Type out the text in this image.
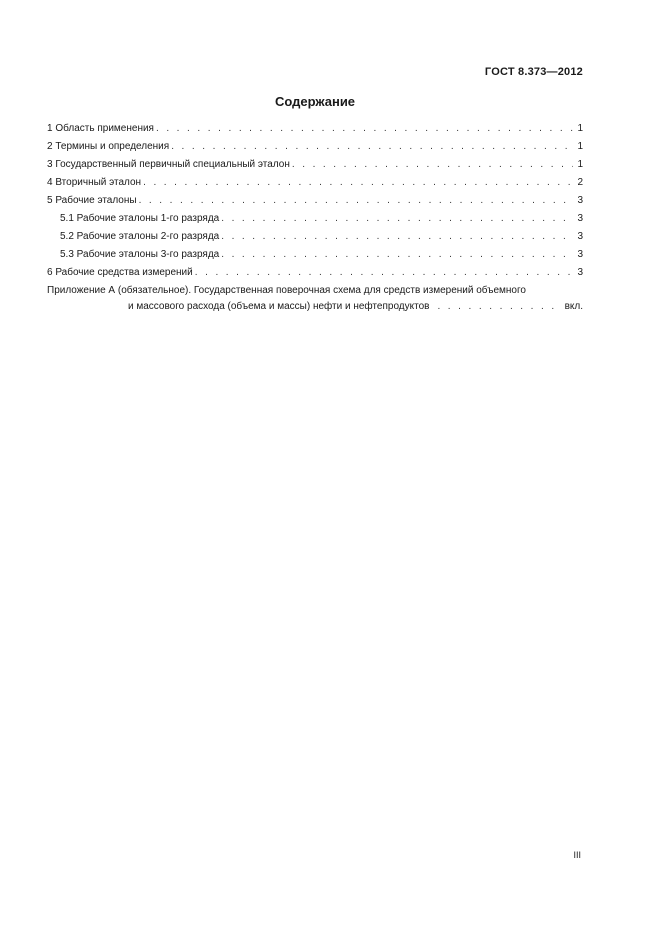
ГОСТ 8.373—2012
Содержание
1 Область применения . . .	1
2 Термины и определения . . .	1
3 Государственный первичный специальный эталон . . .	1
4 Вторичный эталон . . .	2
5 Рабочие эталоны . . .	3
5.1 Рабочие эталоны 1-го разряда . . .	3
5.2 Рабочие эталоны 2-го разряда . . .	3
5.3 Рабочие эталоны 3-го разряда . . .	3
6 Рабочие средства измерений . . .	3
Приложение А (обязательное). Государственная поверочная схема для средств измерений объемного
и массового расхода (объема и массы) нефти и нефтепродуктов . . .	вкл.
III
